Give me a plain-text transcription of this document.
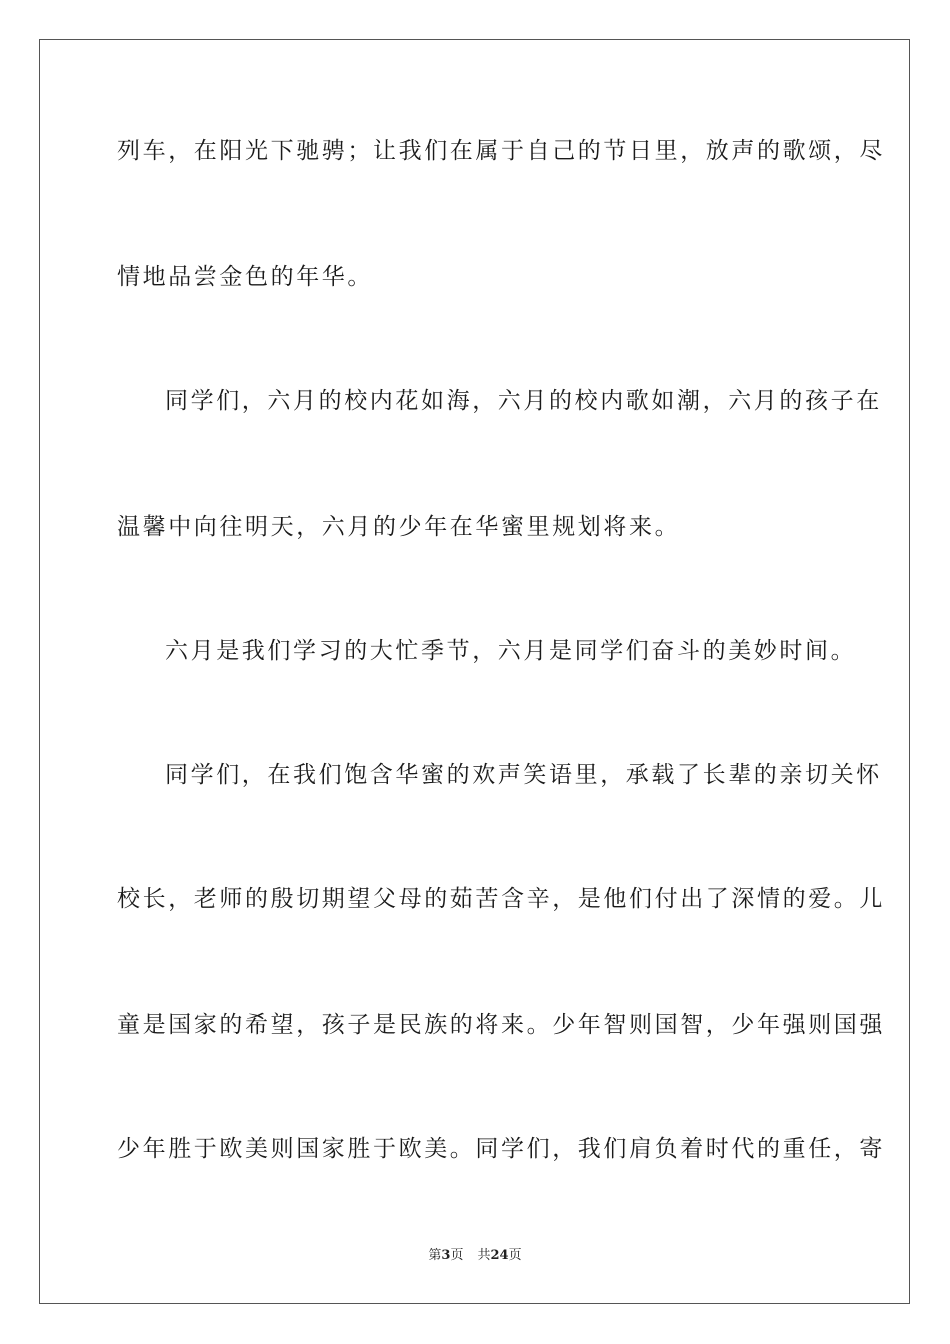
列车，在阳光下驰骋；让我们在属于自己的节日里，放声的歌颂，尽
情地品尝金色的年华。
同学们，六月的校内花如海，六月的校内歌如潮，六月的孩子在
温馨中向往明天，六月的少年在华蜜里规划将来。
六月是我们学习的大忙季节，六月是同学们奋斗的美妙时间。
同学们，在我们饱含华蜜的欢声笑语里，承载了长辈的亲切关怀
校长，老师的殷切期望父母的茹苦含辛，是他们付出了深情的爱。儿
童是国家的希望，孩子是民族的将来。少年智则国智，少年强则国强
少年胜于欧美则国家胜于欧美。同学们，我们肩负着时代的重任，寄
第3页 共24页
